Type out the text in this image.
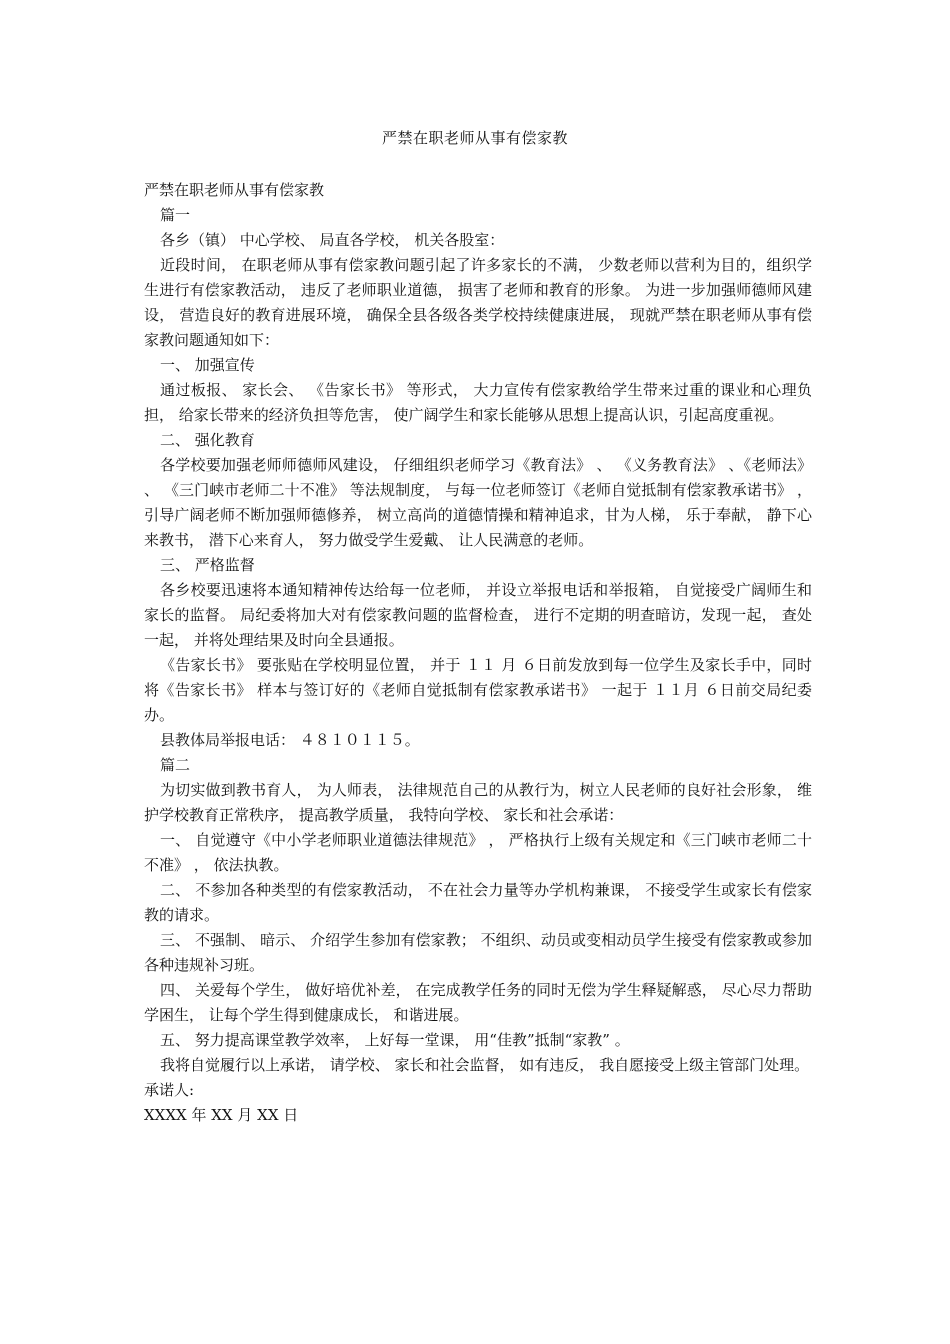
严禁在职老师从事有偿家教

严禁在职老师从事有偿家教

篇一

各乡（镇） 中心学校、 局直各学校， 机关各股室：

近段时间， 在职老师从事有偿家教问题引起了许多家长的不满， 少数老师以营利为目的，组织学生进行有偿家教活动， 违反了老师职业道德， 损害了老师和教育的形象。 为进一步加强师德师风建设， 营造良好的教育进展环境， 确保全县各级各类学校持续健康进展， 现就严禁在职老师从事有偿家教问题通知如下：

一、 加强宣传

通过板报、 家长会、 《告家长书》 等形式， 大力宣传有偿家教给学生带来过重的课业和心理负担， 给家长带来的经济负担等危害， 使广阔学生和家长能够从思想上提高认识，引起高度重视。

二、 强化教育

各学校要加强老师师德师风建设， 仔细组织老师学习《教育法》 、 《义务教育法》 、《老师法》 、 《三门峡市老师二十不准》 等法规制度， 与每一位老师签订《老师自觉抵制有偿家教承诺书》 ， 引导广阔老师不断加强师德修养， 树立高尚的道德情操和精神追求，甘为人梯， 乐于奉献， 静下心来教书， 潜下心来育人， 努力做受学生爱戴、 让人民满意的老师。

三、 严格监督

各乡校要迅速将本通知精神传达给每一位老师， 并设立举报电话和举报箱， 自觉接受广阔师生和家长的监督。 局纪委将加大对有偿家教问题的监督检查， 进行不定期的明查暗访，发现一起， 查处一起， 并将处理结果及时向全县通报。

《告家长书》 要张贴在学校明显位置， 并于 １１ 月 ６日前发放到每一位学生及家长手中，同时将《告家长书》 样本与签订好的《老师自觉抵制有偿家教承诺书》 一起于 １１月 ６日前交局纪委办。

县教体局举报电话： ４８１０１１５。

篇二

为切实做到教书育人， 为人师表， 法律规范自己的从教行为，树立人民老师的良好社会形象， 维护学校教育正常秩序， 提高教学质量， 我特向学校、 家长和社会承诺：

一、 自觉遵守《中小学老师职业道德法律规范》 ， 严格执行上级有关规定和《三门峡市老师二十不准》 ， 依法执教。

二、 不参加各种类型的有偿家教活动， 不在社会力量等办学机构兼课， 不接受学生或家长有偿家教的请求。

三、 不强制、 暗示、 介绍学生参加有偿家教； 不组织、动员或变相动员学生接受有偿家教或参加各种违规补习班。

四、 关爱每个学生， 做好培优补差， 在完成教学任务的同时无偿为学生释疑解惑， 尽心尽力帮助学困生， 让每个学生得到健康成长， 和谐进展。

五、 努力提高课堂教学效率， 上好每一堂课， 用“佳教”抵制“家教” 。

我将自觉履行以上承诺， 请学校、 家长和社会监督， 如有违反， 我自愿接受上级主管部门处理。

承诺人:

XXXX 年 XX 月 XX 日
